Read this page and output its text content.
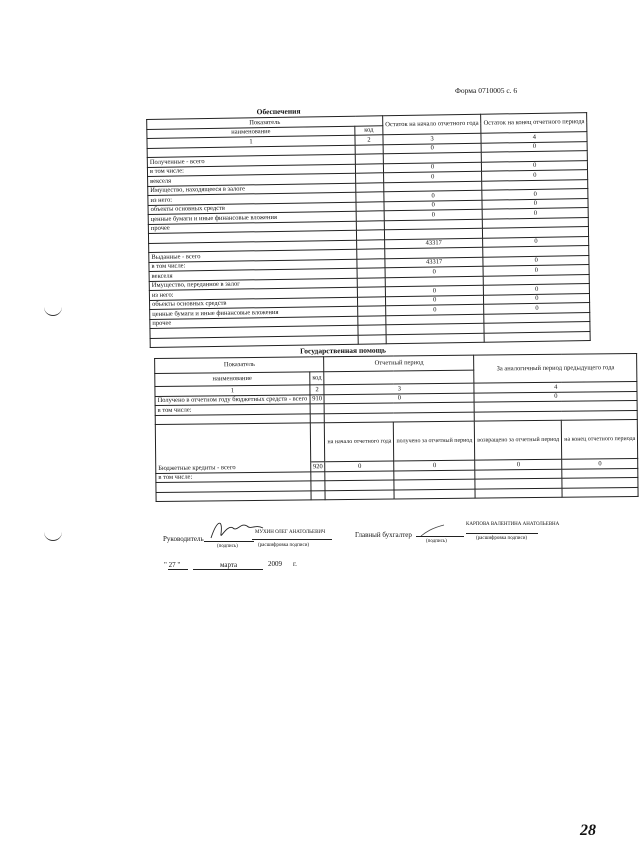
Форма 0710005 с. 6
Обеспечения
Показатель		Остаток на начало отчетного года	Остаток на конец отчетного периода
наименование	код		
1	2	3	4
		0	0
Полученные - всего			
в том числе:		0	0
векселя		0	0
Имущество, находящееся в залоге			
из него:		0	0
объекты основных средств		0	0
ценные бумаги и иные финансовые вложения		0	0
прочее			

		43317	0
Выданные - всего			
в том числе:		43317	0
векселя		0	0
Имущество, переданное в залог			
из него:		0	0
объекты основных средств		0	0
ценные бумаги и иные финансовые вложения		0	0
прочее			

Государственная помощь
Показатель		Отчетный период		За аналогичный период предыдущего года	
наименование	код				
1	2	3		4	
Получено в отчетном году бюджетных средств - всего	910	0		0	
в том числе:					

		на начало отчетного года	получено за отчетный период	возвращено за отчетный период	на конец отчетного периода
Бюджетные кредиты - всего	920	0	0	0	0
в том числе:					

Руководитель
МУХИН ОЛЕГ АНАТОЛЬЕВИЧ
(подпись)	(расшифровка подписи)
Главный бухгалтер
КАРПОВА ВАЛЕНТИНА АНАТОЛЬЕВНА
(подпись)
(расшифровка подписи)
" 27 "	марта	2009 г.
28
